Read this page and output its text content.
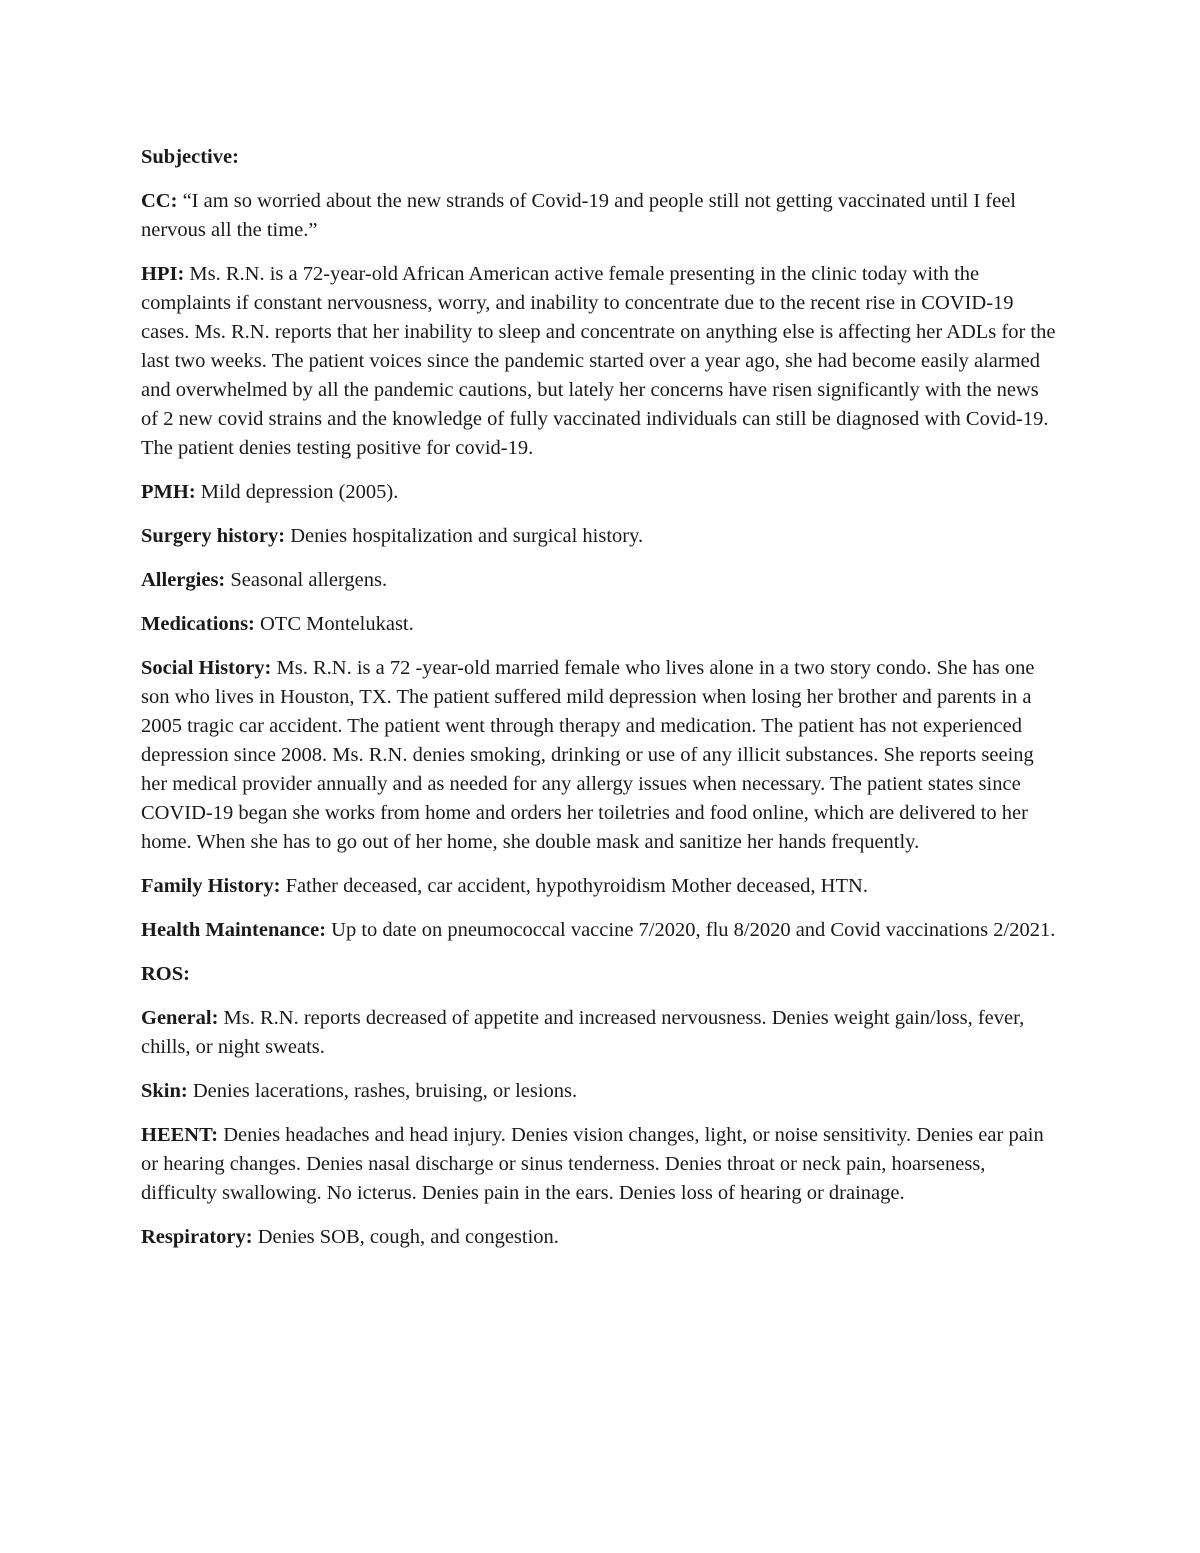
Subjective:

CC: “I am so worried about the new strands of Covid-19 and people still not getting vaccinated until I feel nervous all the time.”

HPI: Ms. R.N. is a 72-year-old African American active female presenting in the clinic today with the complaints if constant nervousness, worry, and inability to concentrate due to the recent rise in COVID-19 cases. Ms. R.N. reports that her inability to sleep and concentrate on anything else is affecting her ADLs for the last two weeks. The patient voices since the pandemic started over a year ago, she had become easily alarmed and overwhelmed by all the pandemic cautions, but lately her concerns have risen significantly with the news of 2 new covid strains and the knowledge of fully vaccinated individuals can still be diagnosed with Covid-19. The patient denies testing positive for covid-19.

PMH: Mild depression (2005).

Surgery history: Denies hospitalization and surgical history.

Allergies: Seasonal allergens.

Medications: OTC Montelukast.

Social History: Ms. R.N. is a 72 -year-old married female who lives alone in a two story condo. She has one son who lives in Houston, TX. The patient suffered mild depression when losing her brother and parents in a 2005 tragic car accident. The patient went through therapy and medication. The patient has not experienced depression since 2008. Ms. R.N. denies smoking, drinking or use of any illicit substances. She reports seeing her medical provider annually and as needed for any allergy issues when necessary. The patient states since COVID-19 began she works from home and orders her toiletries and food online, which are delivered to her home. When she has to go out of her home, she double mask and sanitize her hands frequently.

Family History: Father deceased, car accident, hypothyroidism Mother deceased, HTN.

Health Maintenance: Up to date on pneumococcal vaccine 7/2020, flu 8/2020 and Covid vaccinations 2/2021.

ROS:

General: Ms. R.N. reports decreased of appetite and increased nervousness. Denies weight gain/loss, fever, chills, or night sweats.

Skin: Denies lacerations, rashes, bruising, or lesions.

HEENT: Denies headaches and head injury. Denies vision changes, light, or noise sensitivity. Denies ear pain or hearing changes. Denies nasal discharge or sinus tenderness. Denies throat or neck pain, hoarseness, difficulty swallowing. No icterus. Denies pain in the ears. Denies loss of hearing or drainage.

Respiratory: Denies SOB, cough, and congestion.
